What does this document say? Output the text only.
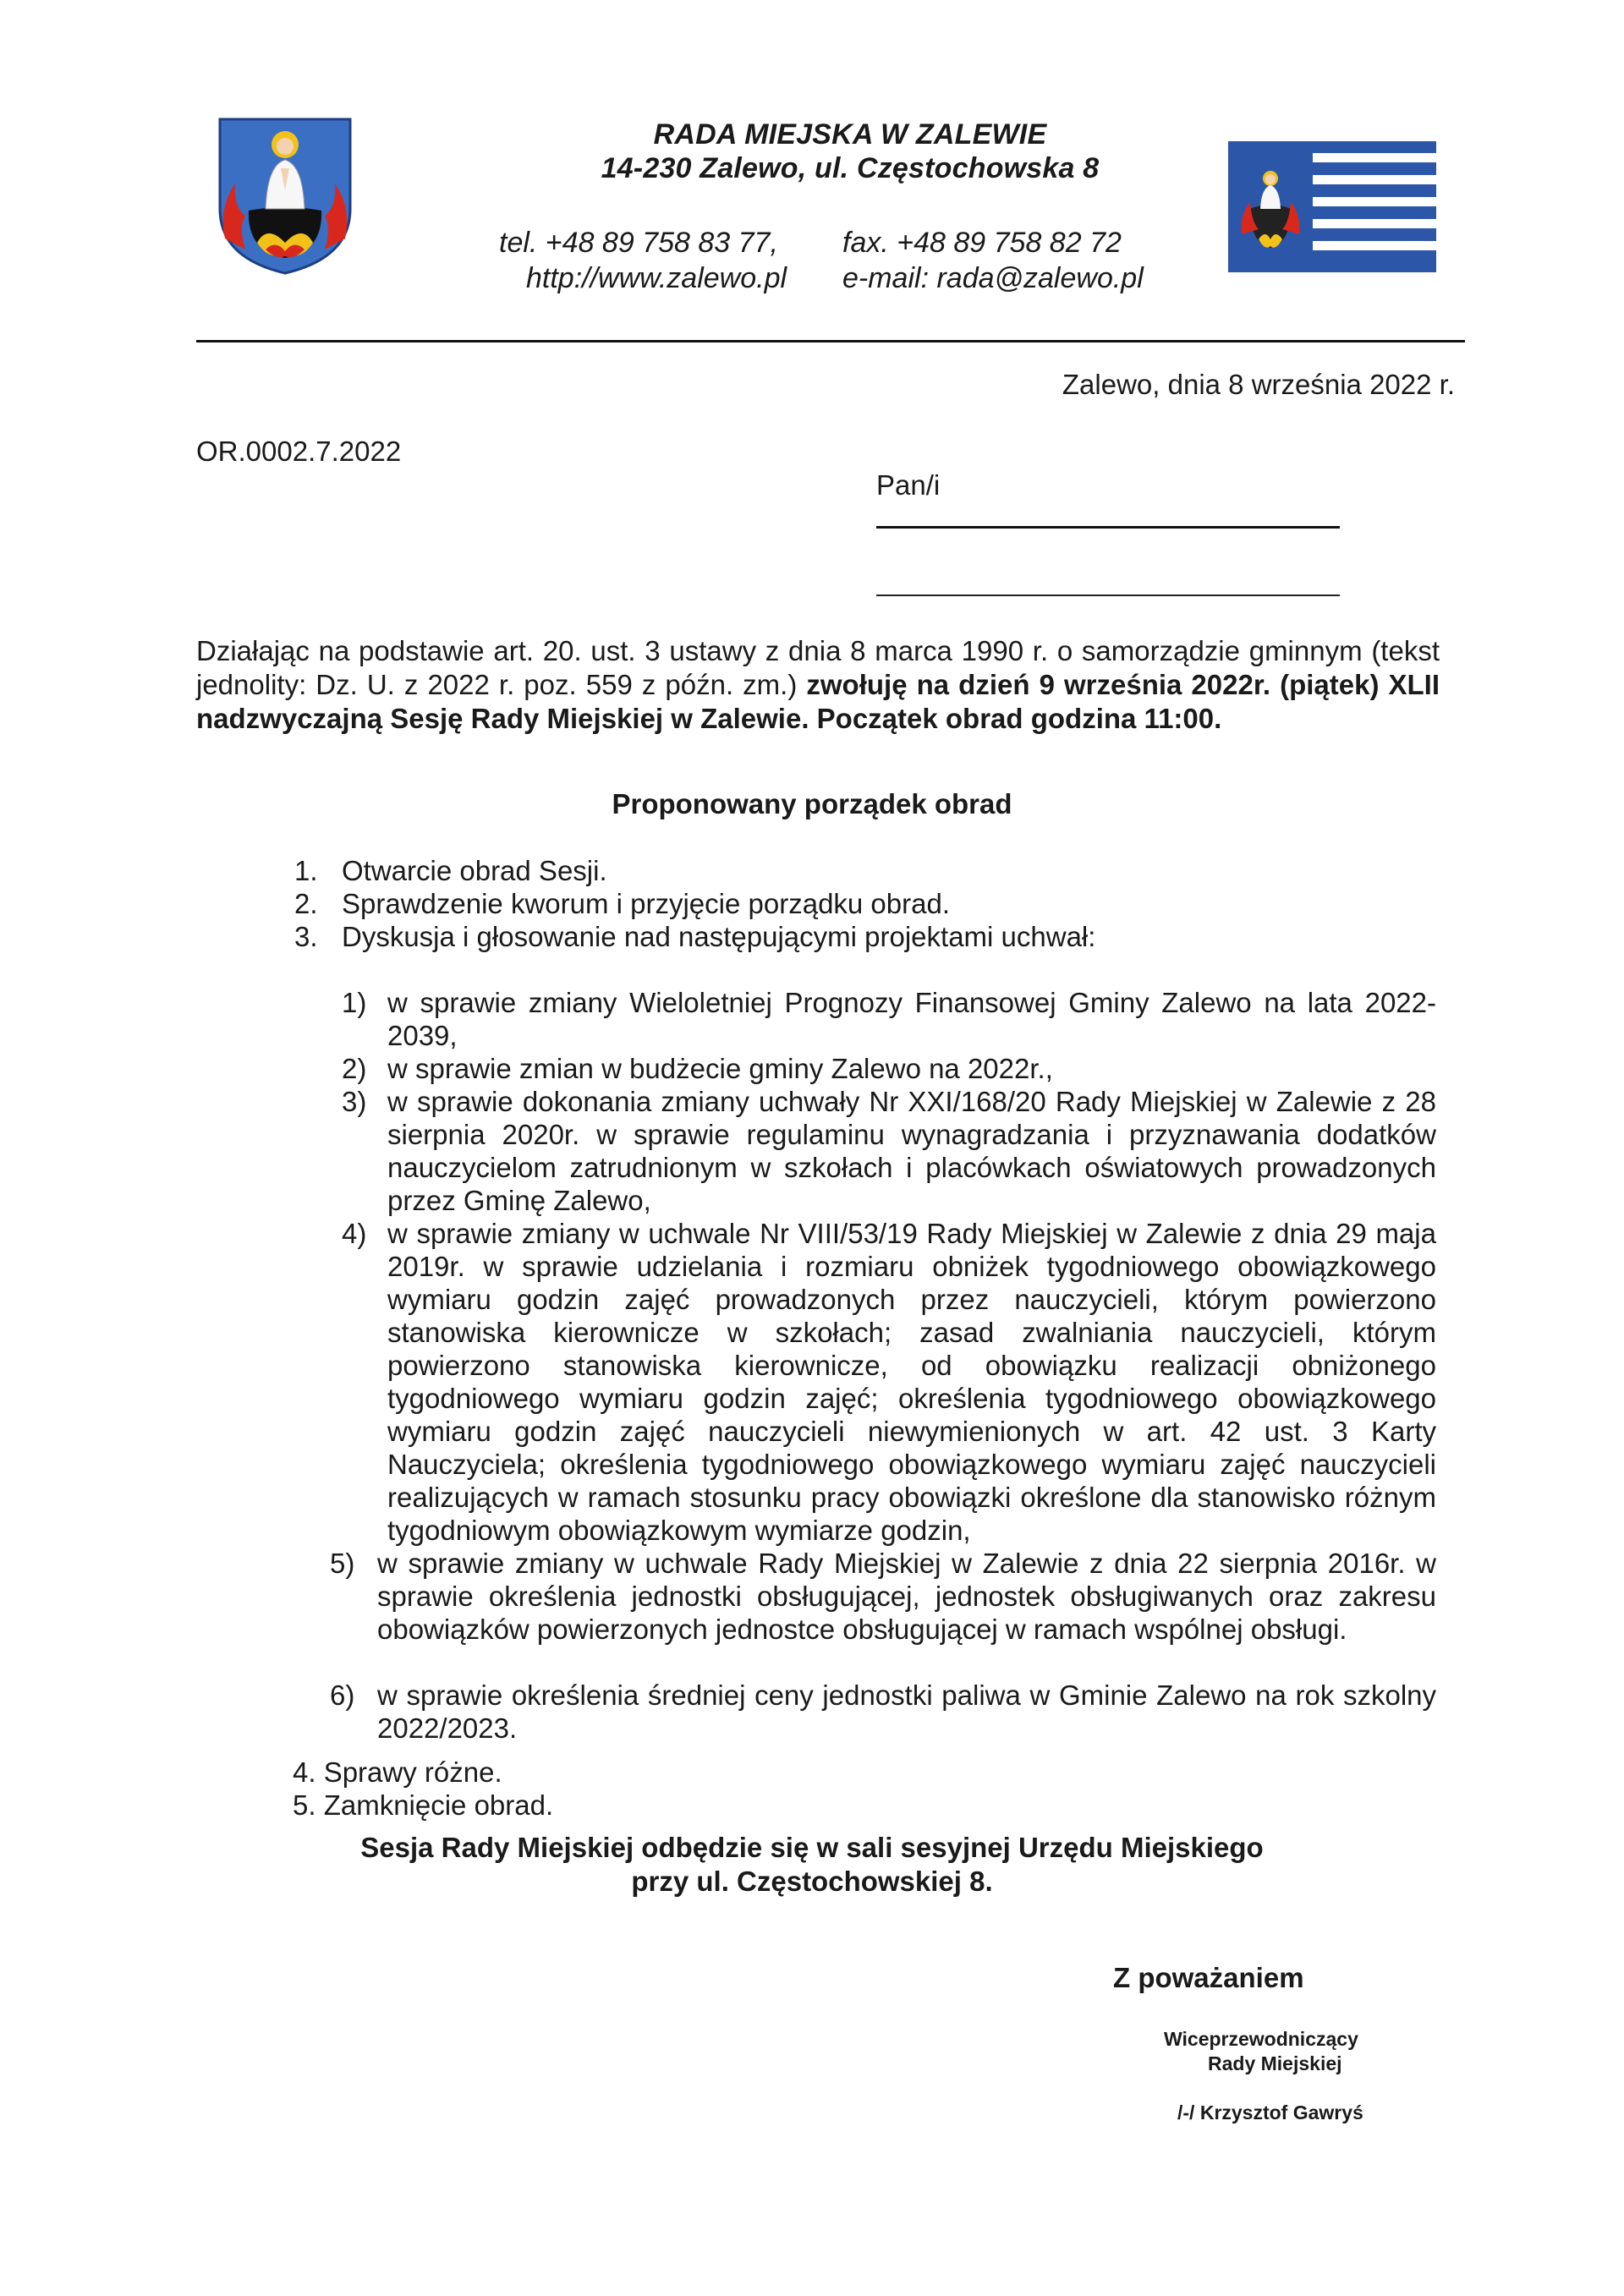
RADA MIEJSKA W ZALEWIE
14-230 Zalewo, ul. Częstochowska 8
tel. +48 89 758 83 77, fax. +48 89 758 82 72
http://www.zalewo.pl e-mail: rada@zalewo.pl
Zalewo, dnia 8 września 2022 r.
OR.0002.7.2022
Pan/i
Działając na podstawie art. 20. ust. 3 ustawy z dnia 8 marca 1990 r. o samorządzie gminnym (tekst jednolity: Dz. U. z 2022 r. poz. 559 z późn. zm.) zwołuję na dzień 9 września 2022r. (piątek) XLII nadzwyczajną Sesję Rady Miejskiej w Zalewie. Początek obrad godzina 11:00.
Proponowany porządek obrad
1. Otwarcie obrad Sesji.
2. Sprawdzenie kworum i przyjęcie porządku obrad.
3. Dyskusja i głosowanie nad następującymi projektami uchwał:
1) w sprawie zmiany Wieloletniej Prognozy Finansowej Gminy Zalewo na lata 2022- 2039,
2) w sprawie zmian w budżecie gminy Zalewo na 2022r.,
3) w sprawie dokonania zmiany uchwały Nr XXI/168/20 Rady Miejskiej w Zalewie z 28 sierpnia 2020r. w sprawie regulaminu wynagradzania i przyznawania dodatków nauczycielom zatrudnionym w szkołach i placówkach oświatowych prowadzonych przez Gminę Zalewo,
4) w sprawie zmiany w uchwale Nr VIII/53/19 Rady Miejskiej w Zalewie z dnia 29 maja 2019r. w sprawie udzielania i rozmiaru obniżek tygodniowego obowiązkowego wymiaru godzin zajęć prowadzonych przez nauczycieli, którym powierzono stanowiska kierownicze w szkołach; zasad zwalniania nauczycieli, którym powierzono stanowiska kierownicze, od obowiązku realizacji obniżonego tygodniowego wymiaru godzin zajęć; określenia tygodniowego obowiązkowego wymiaru godzin zajęć nauczycieli niewymienionych w art. 42 ust. 3 Karty Nauczyciela; określenia tygodniowego obowiązkowego wymiaru zajęć nauczycieli realizujących w ramach stosunku pracy obowiązki określone dla stanowisko różnym tygodniowym obowiązkowym wymiarze godzin,
5) w sprawie zmiany w uchwale Rady Miejskiej w Zalewie z dnia 22 sierpnia 2016r. w sprawie określenia jednostki obsługującej, jednostek obsługiwanych oraz zakresu obowiązków powierzonych jednostce obsługującej w ramach wspólnej obsługi.
6) w sprawie określenia średniej ceny jednostki paliwa w Gminie Zalewo na rok szkolny 2022/2023.
4. Sprawy różne.
5. Zamknięcie obrad.
Sesja Rady Miejskiej odbędzie się w sali sesyjnej Urzędu Miejskiego
przy ul. Częstochowskiej 8.
Z poważaniem
Wiceprzewodniczący
Rady Miejskiej
/-/ Krzysztof Gawryś
